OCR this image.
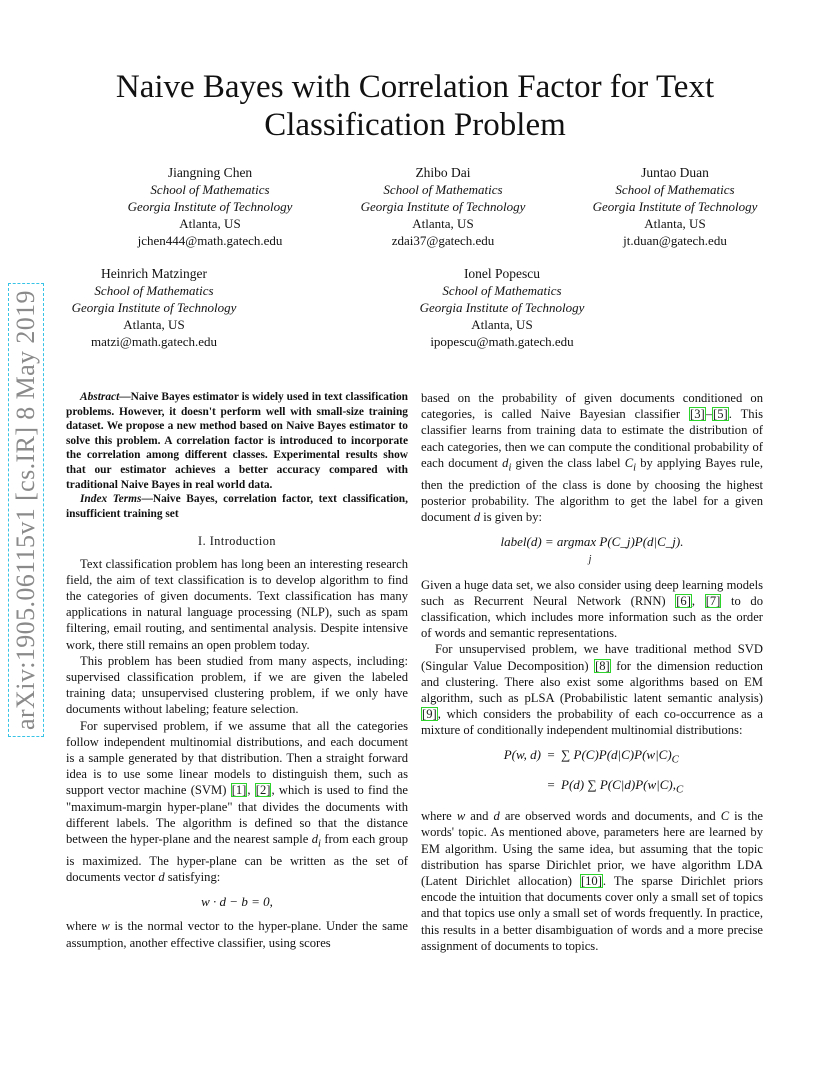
arXiv:1905.06115v1 [cs.IR] 8 May 2019
Naive Bayes with Correlation Factor for Text
Classification Problem
Jiangning Chen
School of Mathematics
Georgia Institute of Technology
Atlanta, US
jchen444@math.gatech.edu
Zhibo Dai
School of Mathematics
Georgia Institute of Technology
Atlanta, US
zdai37@gatech.edu
Juntao Duan
School of Mathematics
Georgia Institute of Technology
Atlanta, US
jt.duan@gatech.edu
Heinrich Matzinger
School of Mathematics
Georgia Institute of Technology
Atlanta, US
matzi@math.gatech.edu
Ionel Popescu
School of Mathematics
Georgia Institute of Technology
Atlanta, US
ipopescu@math.gatech.edu

Abstract—Naive Bayes estimator is widely used in text classification problems. However, it doesn't perform well with small-size training dataset. We propose a new method based on Naive Bayes estimator to solve this problem. A correlation factor is introduced to incorporate the correlation among different classes. Experimental results show that our estimator achieves a better accuracy compared with traditional Naive Bayes in real world data.

Index Terms—Naive Bayes, correlation factor, text classification, insufficient training set

I. Introduction

Text classification problem has long been an interesting research field, the aim of text classification is to develop algorithm to find the categories of given documents. Text classification has many applications in natural language processing (NLP), such as spam filtering, email routing, and sentimental analysis. Despite intensive work, there still remains an open problem today.

This problem has been studied from many aspects, including: supervised classification problem, if we are given the labeled training data; unsupervised clustering problem, if we only have documents without labeling; feature selection.

For supervised problem, if we assume that all the categories follow independent multinomial distributions, and each document is a sample generated by that distribution. Then a straight forward idea is to use some linear models to distinguish them, such as support vector machine (SVM) [1], [2], which is used to find the "maximum-margin hyper-plane" that divides the documents with different labels. The algorithm is defined so that the distance between the hyper-plane and the nearest sample $d_i$ from each group is maximized. The hyper-plane can be written as the set of documents vector d satisfying:

w · d − b = 0,

where w is the normal vector to the hyper-plane. Under the same assumption, another effective classifier, using scores

based on the probability of given documents conditioned on categories, is called Naive Bayesian classifier [3]–[5]. This classifier learns from training data to estimate the distribution of each categories, then we can compute the conditional probability of each document $d_i$ given the class label $C_i$ by applying Bayes rule, then the prediction of the class is done by choosing the highest posterior probability. The algorithm to get the label for a given document d is given by:

label(d) = argmax P(C_j)P(d|C_j).
j

Given a huge data set, we also consider using deep learning models such as Recurrent Neural Network (RNN) [6], [7] to do classification, which includes more information such as the order of words and semantic representations.

For unsupervised problem, we have traditional method SVD (Singular Value Decomposition) [8] for the dimension reduction and clustering. There also exist some algorithms based on EM algorithm, such as pLSA (Probabilistic latent semantic analysis) [9], which considers the probability of each co-occurrence as a mixture of conditionally independent multinomial distributions:

P(w, d) = ∑ $P(C)P(d|C)P(w|C)_C$
= P(d) ∑ $P(C|d)P(w|C),_C$

where w and d are observed words and documents, and C is the words' topic. As mentioned above, parameters here are learned by EM algorithm. Using the same idea, but assuming that the topic distribution has sparse Dirichlet prior, we have algorithm LDA (Latent Dirichlet allocation) [10]. The sparse Dirichlet priors encode the intuition that documents cover only a small set of topics and that topics use only a small set of words frequently. In practice, this results in a better disambiguation of words and a more precise assignment of documents to topics.
